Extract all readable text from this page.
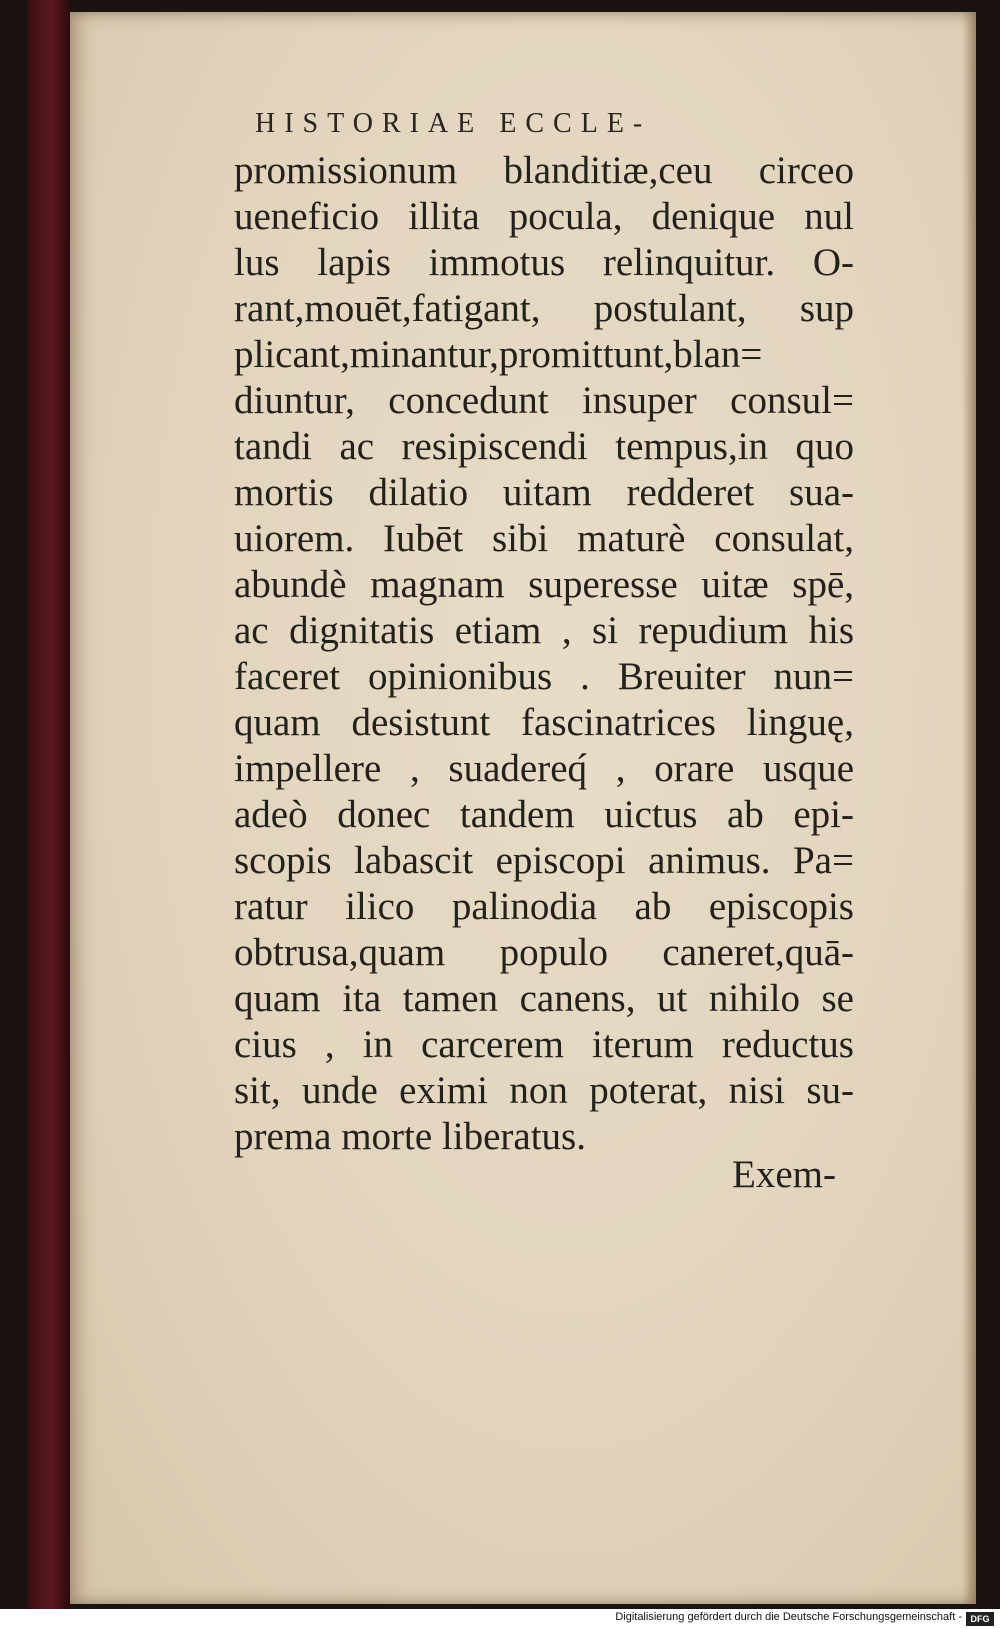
HISTORIAE ECCLE-
promissionum blanditiæ,ceu circeo
ueneficio illita pocula, denique nul
lus lapis immotus relinquitur. O-
rant,mouēt,fatigant, postulant, sup
plicant,minantur,promittunt,blan=
diuntur, concedunt insuper consul=
tandi ac resipiscendi tempus,in quo
mortis dilatio uitam redderet sua-
uiorem. Iubēt sibi maturè consulat,
abundè magnam superesse uitæ spē,
ac dignitatis etiam , si repudium his
faceret opinionibus . Breuiter nun=
quam desistunt fascinatrices linguę,
impellere , suadereq́ , orare usque
adeò donec tandem uictus ab epi-
scopis labascit episcopi animus. Pa=
ratur ilico palinodia ab episcopis
obtrusa,quam populo caneret,quā-
quam ita tamen canens, ut nihilo se
cius , in carcerem iterum reductus
sit, unde eximi non poterat, nisi su-
prema morte liberatus.
Exem-
Digitalisierung gefördert durch die Deutsche Forschungsgemeinschaft - DFG
